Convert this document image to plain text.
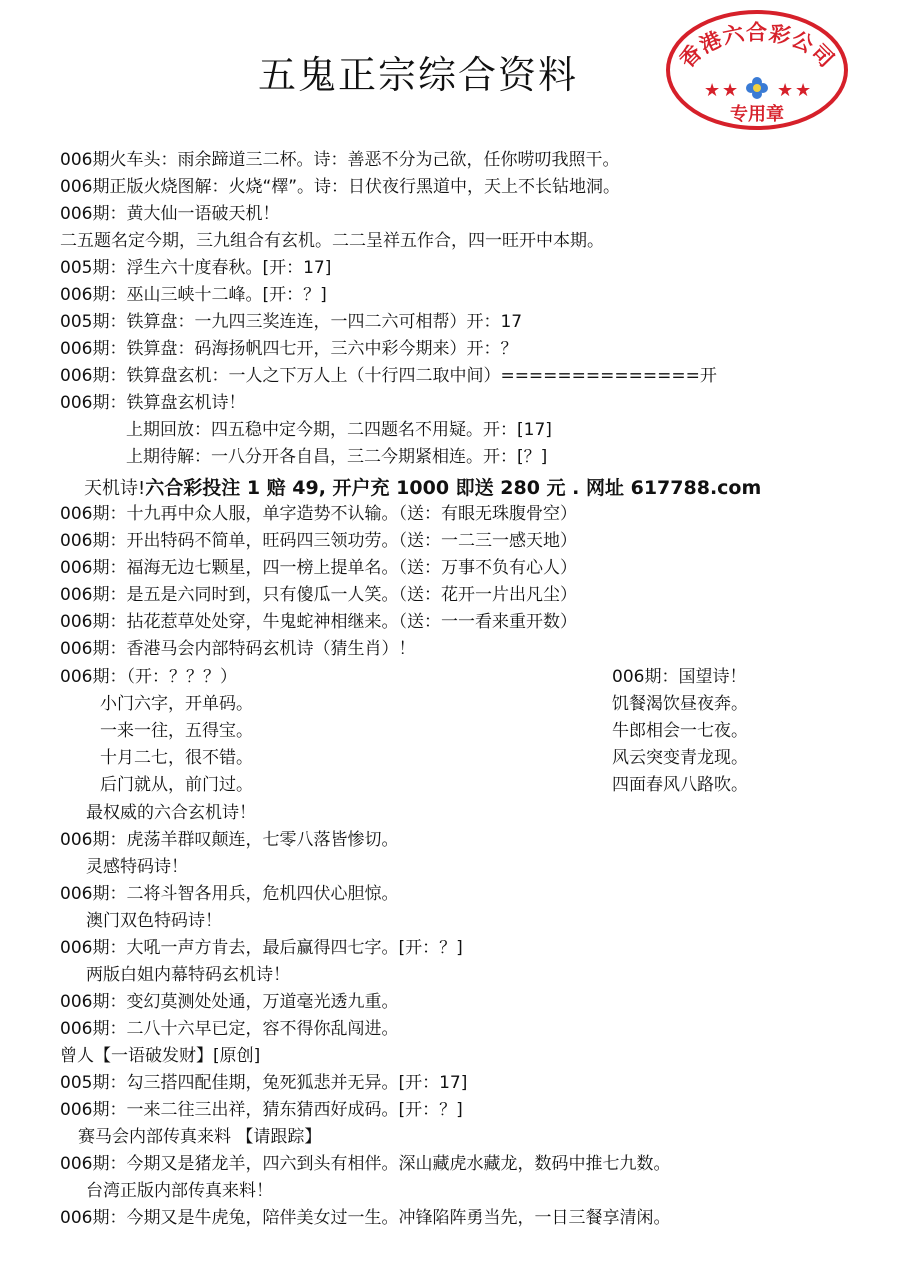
五鬼正宗综合资料	香港六合彩公司
★ ★ ★ ★
专用章
006期火车头：雨余蹄道三二杯。诗：善恶不分为己欲，任你唠叨我照干。
006期正版火烧图解：火烧“檡”。诗：日伏夜行黑道中，天上不长钻地洞。
006期：黄大仙一语破天机！
二五题名定今期，三九组合有玄机。二二呈祥五作合，四一旺开中本期。
005期：浮生六十度春秋。[开：17]
006期：巫山三峡十二峰。[开：？]
005期：铁算盘：一九四三奖连连，一四二六可相帮）开：17
006期：铁算盘：码海扬帆四七开，三六中彩今期来）开：？
006期：铁算盘玄机：一人之下万人上（十行四二取中间）==============开
006期：铁算盘玄机诗！
上期回放：四五稳中定今期，二四题名不用疑。开：[17]
上期待解：一八分开各自昌，三二今期紧相连。开：[？]
天机诗!六合彩投注 1 赔 49, 开户充 1000 即送 280 元 . 网址 617788.com
006期：十九再中众人服，单字造势不认输。（送：有眼无珠腹骨空）
006期：开出特码不简单，旺码四三领功劳。（送：一二三一感天地）
006期：福海无边七颗星，四一榜上提单名。（送：万事不负有心人）
006期：是五是六同时到，只有傻瓜一人笑。（送：花开一片出凡尘）
006期：拈花惹草处处穿，牛鬼蛇神相继来。（送：一一看来重开数）
006期：香港马会内部特码玄机诗（猜生肖）！
006期：（开：？？？）
小门六字，开单码。
一来一往，五得宝。
十月二七，很不错。
后门就从，前门过。
006期：国望诗！
饥餐渴饮昼夜奔。
牛郎相会一七夜。
风云突变青龙现。
四面春风八路吹。
最权威的六合玄机诗！
006期：虎荡羊群叹颠连，七零八落皆惨切。
灵感特码诗！
006期：二将斗智各用兵，危机四伏心胆惊。
澳门双色特码诗！
006期：大吼一声方肯去，最后赢得四七字。[开：？]
两版白姐内幕特码玄机诗！
006期：变幻莫测处处通，万道毫光透九重。
006期：二八十六早已定，容不得你乱闯进。
曾人【一语破发财】[原创]
005期：勾三搭四配佳期，兔死狐悲并无异。[开：17]
006期：一来二往三出祥，猜东猜西好成码。[开：？]
赛马会内部传真来料 【请跟踪】
006期：今期又是猪龙羊，四六到头有相伴。深山藏虎水藏龙，数码中推七九数。
台湾正版内部传真来料！
006期：今期又是牛虎兔，陪伴美女过一生。冲锋陷阵勇当先，一日三餐享清闲。
